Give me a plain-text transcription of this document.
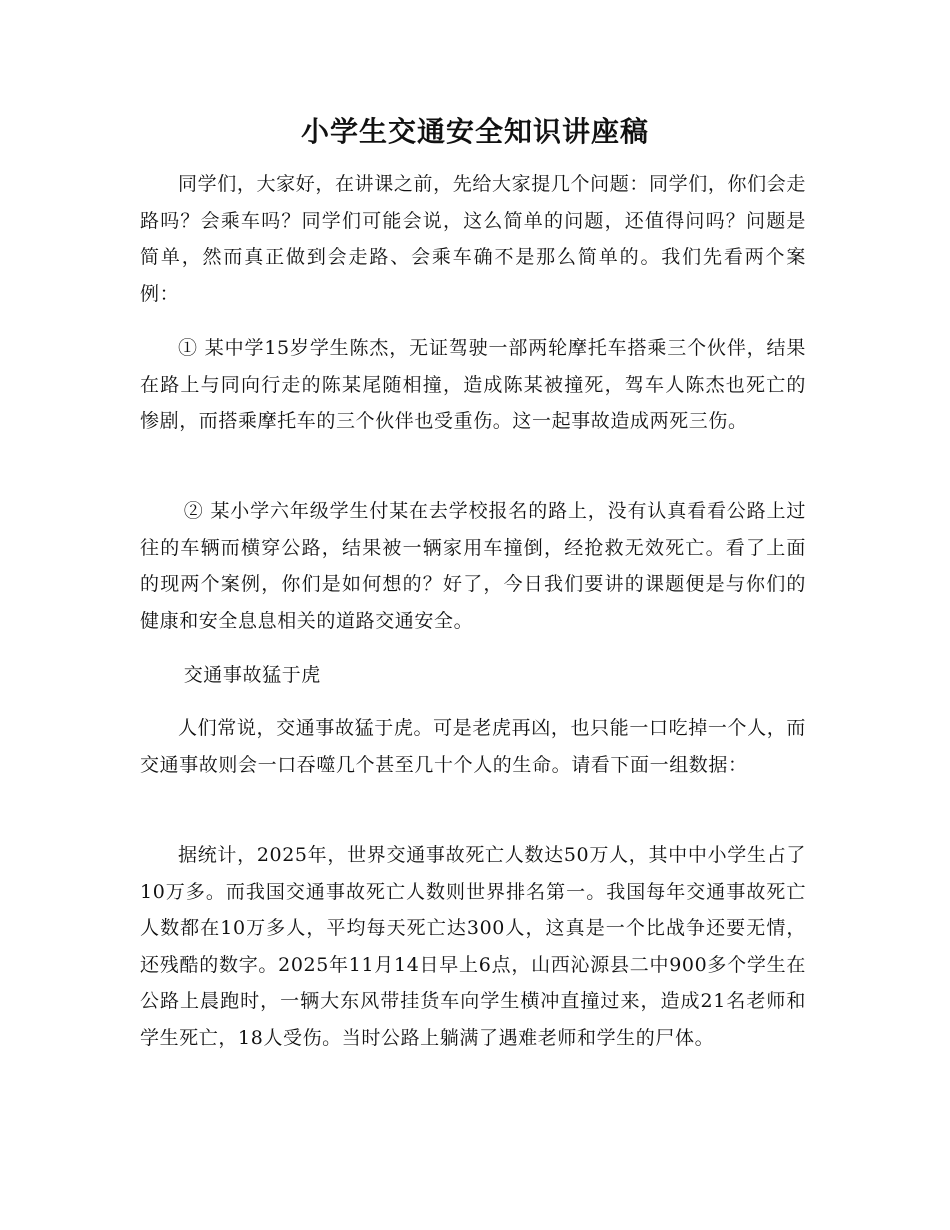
小学生交通安全知识讲座稿

同学们，大家好，在讲课之前，先给大家提几个问题：同学们，你们会走路吗？会乘车吗？同学们可能会说，这么简单的问题，还值得问吗？问题是简单，然而真正做到会走路、会乘车确不是那么简单的。我们先看两个案例：

① 某中学15岁学生陈杰，无证驾驶一部两轮摩托车搭乘三个伙伴，结果在路上与同向行走的陈某尾随相撞，造成陈某被撞死，驾车人陈杰也死亡的惨剧，而搭乘摩托车的三个伙伴也受重伤。这一起事故造成两死三伤。

② 某小学六年级学生付某在去学校报名的路上，没有认真看看公路上过往的车辆而横穿公路，结果被一辆家用车撞倒，经抢救无效死亡。看了上面的现两个案例，你们是如何想的？好了，今日我们要讲的课题便是与你们的健康和安全息息相关的道路交通安全。

交通事故猛于虎

人们常说，交通事故猛于虎。可是老虎再凶，也只能一口吃掉一个人，而交通事故则会一口吞噬几个甚至几十个人的生命。请看下面一组数据：

据统计，2025年，世界交通事故死亡人数达50万人，其中中小学生占了10万多。而我国交通事故死亡人数则世界排名第一。我国每年交通事故死亡人数都在10万多人，平均每天死亡达300人，这真是一个比战争还要无情，还残酷的数字。2025年11月14日早上6点，山西沁源县二中900多个学生在公路上晨跑时，一辆大东风带挂货车向学生横冲直撞过来，造成21名老师和学生死亡，18人受伤。当时公路上躺满了遇难老师和学生的尸体。
